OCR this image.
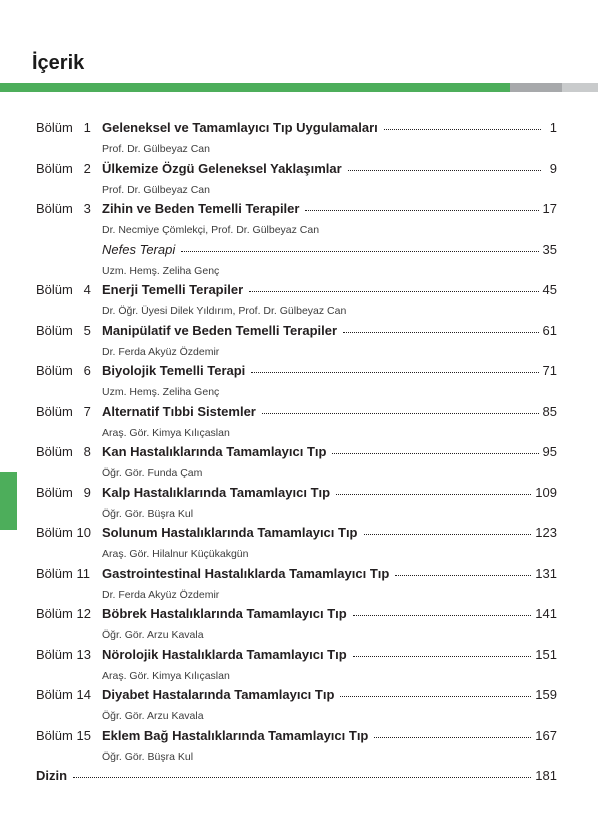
İçerik
Bölüm   1 Geleneksel ve Tamamlayıcı Tıp Uygulamaları	1
Prof. Dr. Gülbeyaz Can
Bölüm   2 Ülkemize Özgü Geleneksel Yaklaşımlar	9
Prof. Dr. Gülbeyaz Can
Bölüm   3 Zihin ve Beden Temelli Terapiler	17
Dr. Necmiye Çömlekçi, Prof. Dr. Gülbeyaz Can
Nefes Terapi	35
Uzm. Hemş. Zeliha Genç
Bölüm   4 Enerji Temelli Terapiler	45
Dr. Öğr. Üyesi Dilek Yıldırım, Prof. Dr. Gülbeyaz Can
Bölüm   5 Manipülatif ve Beden Temelli Terapiler	61
Dr. Ferda Akyüz Özdemir
Bölüm   6 Biyolojik Temelli Terapi	71
Uzm. Hemş. Zeliha Genç
Bölüm   7 Alternatif Tıbbi Sistemler	85
Araş. Gör. Kimya Kılıçaslan
Bölüm   8 Kan Hastalıklarında Tamamlayıcı Tıp	95
Öğr. Gör. Funda Çam
Bölüm   9 Kalp Hastalıklarında Tamamlayıcı Tıp	109
Öğr. Gör. Büşra Kul
Bölüm 10 Solunum Hastalıklarında Tamamlayıcı Tıp	123
Araş. Gör. Hilalnur Küçükakgün
Bölüm 11 Gastrointestinal Hastalıklarda Tamamlayıcı Tıp	131
Dr. Ferda Akyüz Özdemir
Bölüm 12 Böbrek Hastalıklarında Tamamlayıcı Tıp	141
Öğr. Gör. Arzu Kavala
Bölüm 13 Nörolojik Hastalıklarda Tamamlayıcı Tıp	151
Araş. Gör. Kimya Kılıçaslan
Bölüm 14 Diyabet Hastalarında Tamamlayıcı Tıp	159
Öğr. Gör. Arzu Kavala
Bölüm 15 Eklem Bağ Hastalıklarında Tamamlayıcı Tıp	167
Öğr. Gör. Büşra Kul
Dizin	181
